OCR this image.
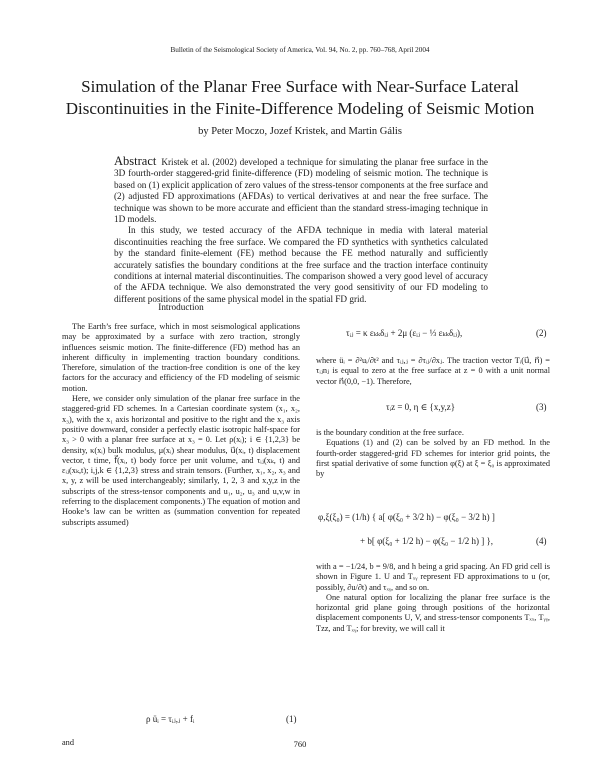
Bulletin of the Seismological Society of America, Vol. 94, No. 2, pp. 760–768, April 2004
Simulation of the Planar Free Surface with Near-Surface Lateral
Discontinuities in the Finite-Difference Modeling of Seismic Motion
by Peter Moczo, Jozef Kristek, and Martin Gális

Abstract Kristek et al. (2002) developed a technique for simulating the planar free surface in the 3D fourth-order staggered-grid finite-difference (FD) modeling of seismic motion. The technique is based on (1) explicit application of zero values of the stress-tensor components at the free surface and (2) adjusted FD approximations (AFDAs) to vertical derivatives at and near the free surface. The technique was shown to be more accurate and efficient than the standard stress-imaging technique in 1D models.

In this study, we tested accuracy of the AFDA technique in media with lateral material discontinuities reaching the free surface. We compared the FD synthetics with synthetics calculated by the standard finite-element (FE) method because the FE method naturally and sufficiently accurately satisfies the boundary conditions at the free surface and the traction interface continuity conditions at internal material discontinuities. The comparison showed a very good level of accuracy of the AFDA technique. We also demonstrated the very good sensitivity of our FD modeling to different positions of the same physical model in the spatial FD grid.

Introduction

The Earth’s free surface, which in most seismological applications may be approximated by a surface with zero traction, strongly influences seismic motion. The finite-difference (FD) method has an inherent difficulty in implementing traction boundary conditions. Therefore, simulation of the traction-free condition is one of the key factors for the accuracy and efficiency of the FD modeling of seismic motion.

Here, we consider only simulation of the planar free surface in the staggered-grid FD schemes. In a Cartesian coordinate system (x₁, x₂, x₃), with the x₁ axis horizontal and positive to the right and the x₃ axis positive downward, consider a perfectly elastic isotropic half-space for x₃ > 0 with a planar free surface at x₃ = 0. Let ρ(xᵢ); i ∈ {1,2,3} be density, κ(xᵢ) bulk modulus, μ(xᵢ) shear modulus, u⃗(xᵢ, t) displacement vector, t time, f⃗(xᵢ, t) body force per unit volume, and τᵢⱼ(xₖ, t) and εᵢⱼ(xₖ,t); i,j,k ∈ {1,2,3} stress and strain tensors. (Further, x₁, x₂, x₃ and x, y, z will be used interchangeably; similarly, 1, 2, 3 and x,y,z in the subscripts of the stress-tensor components and u₁, u₂, u₃ and u,v,w in referring to the displacement components.) The equation of motion and Hooke’s law can be written as (summation convention for repeated subscripts assumed)

ρ üᵢ = τᵢⱼ,ⱼ + fᵢ	(1)
and
τᵢⱼ = κ εₖₖδᵢⱼ + 2μ (εᵢⱼ − ⅓ εₖₖδᵢⱼ),	(2)

where üᵢ = ∂²uᵢ/∂t² and τᵢⱼ,ⱼ = ∂τᵢⱼ/∂xⱼ. The traction vector Tᵢ(u⃗, n⃗) = τᵢⱼnⱼ is equal to zero at the free surface at z = 0 with a unit normal vector n⃗(0,0, −1). Therefore,

τᵢz = 0, η ∈ {x,y,z}	(3)

is the boundary condition at the free surface.

Equations (1) and (2) can be solved by an FD method. In the fourth-order staggered-grid FD schemes for interior grid points, the first spatial derivative of some function φ(ξ) at ξ = ξ₀ is approximated by

φ,ξ(ξ₀) = (1/h) { a[ φ(ξ₀ + 3/2 h) − φ(ξ₀ − 3/2 h) ]
+ b[ φ(ξ₀ + 1/2 h) − φ(ξ₀ − 1/2 h) ] },	(4)

with a = −1/24, b = 9/8, and h being a grid spacing. An FD grid cell is shown in Figure 1. U and Tₓᵧ represent FD approximations to u (or, possibly, ∂u/∂t) and τₓᵧ, and so on.

One natural option for localizing the planar free surface is the horizontal grid plane going through positions of the horizontal displacement components U, V, and stress-tensor components Tₓₓ, Tᵧᵧ, Tzz, and Tₓᵧ; for brevity, we will call it

760
